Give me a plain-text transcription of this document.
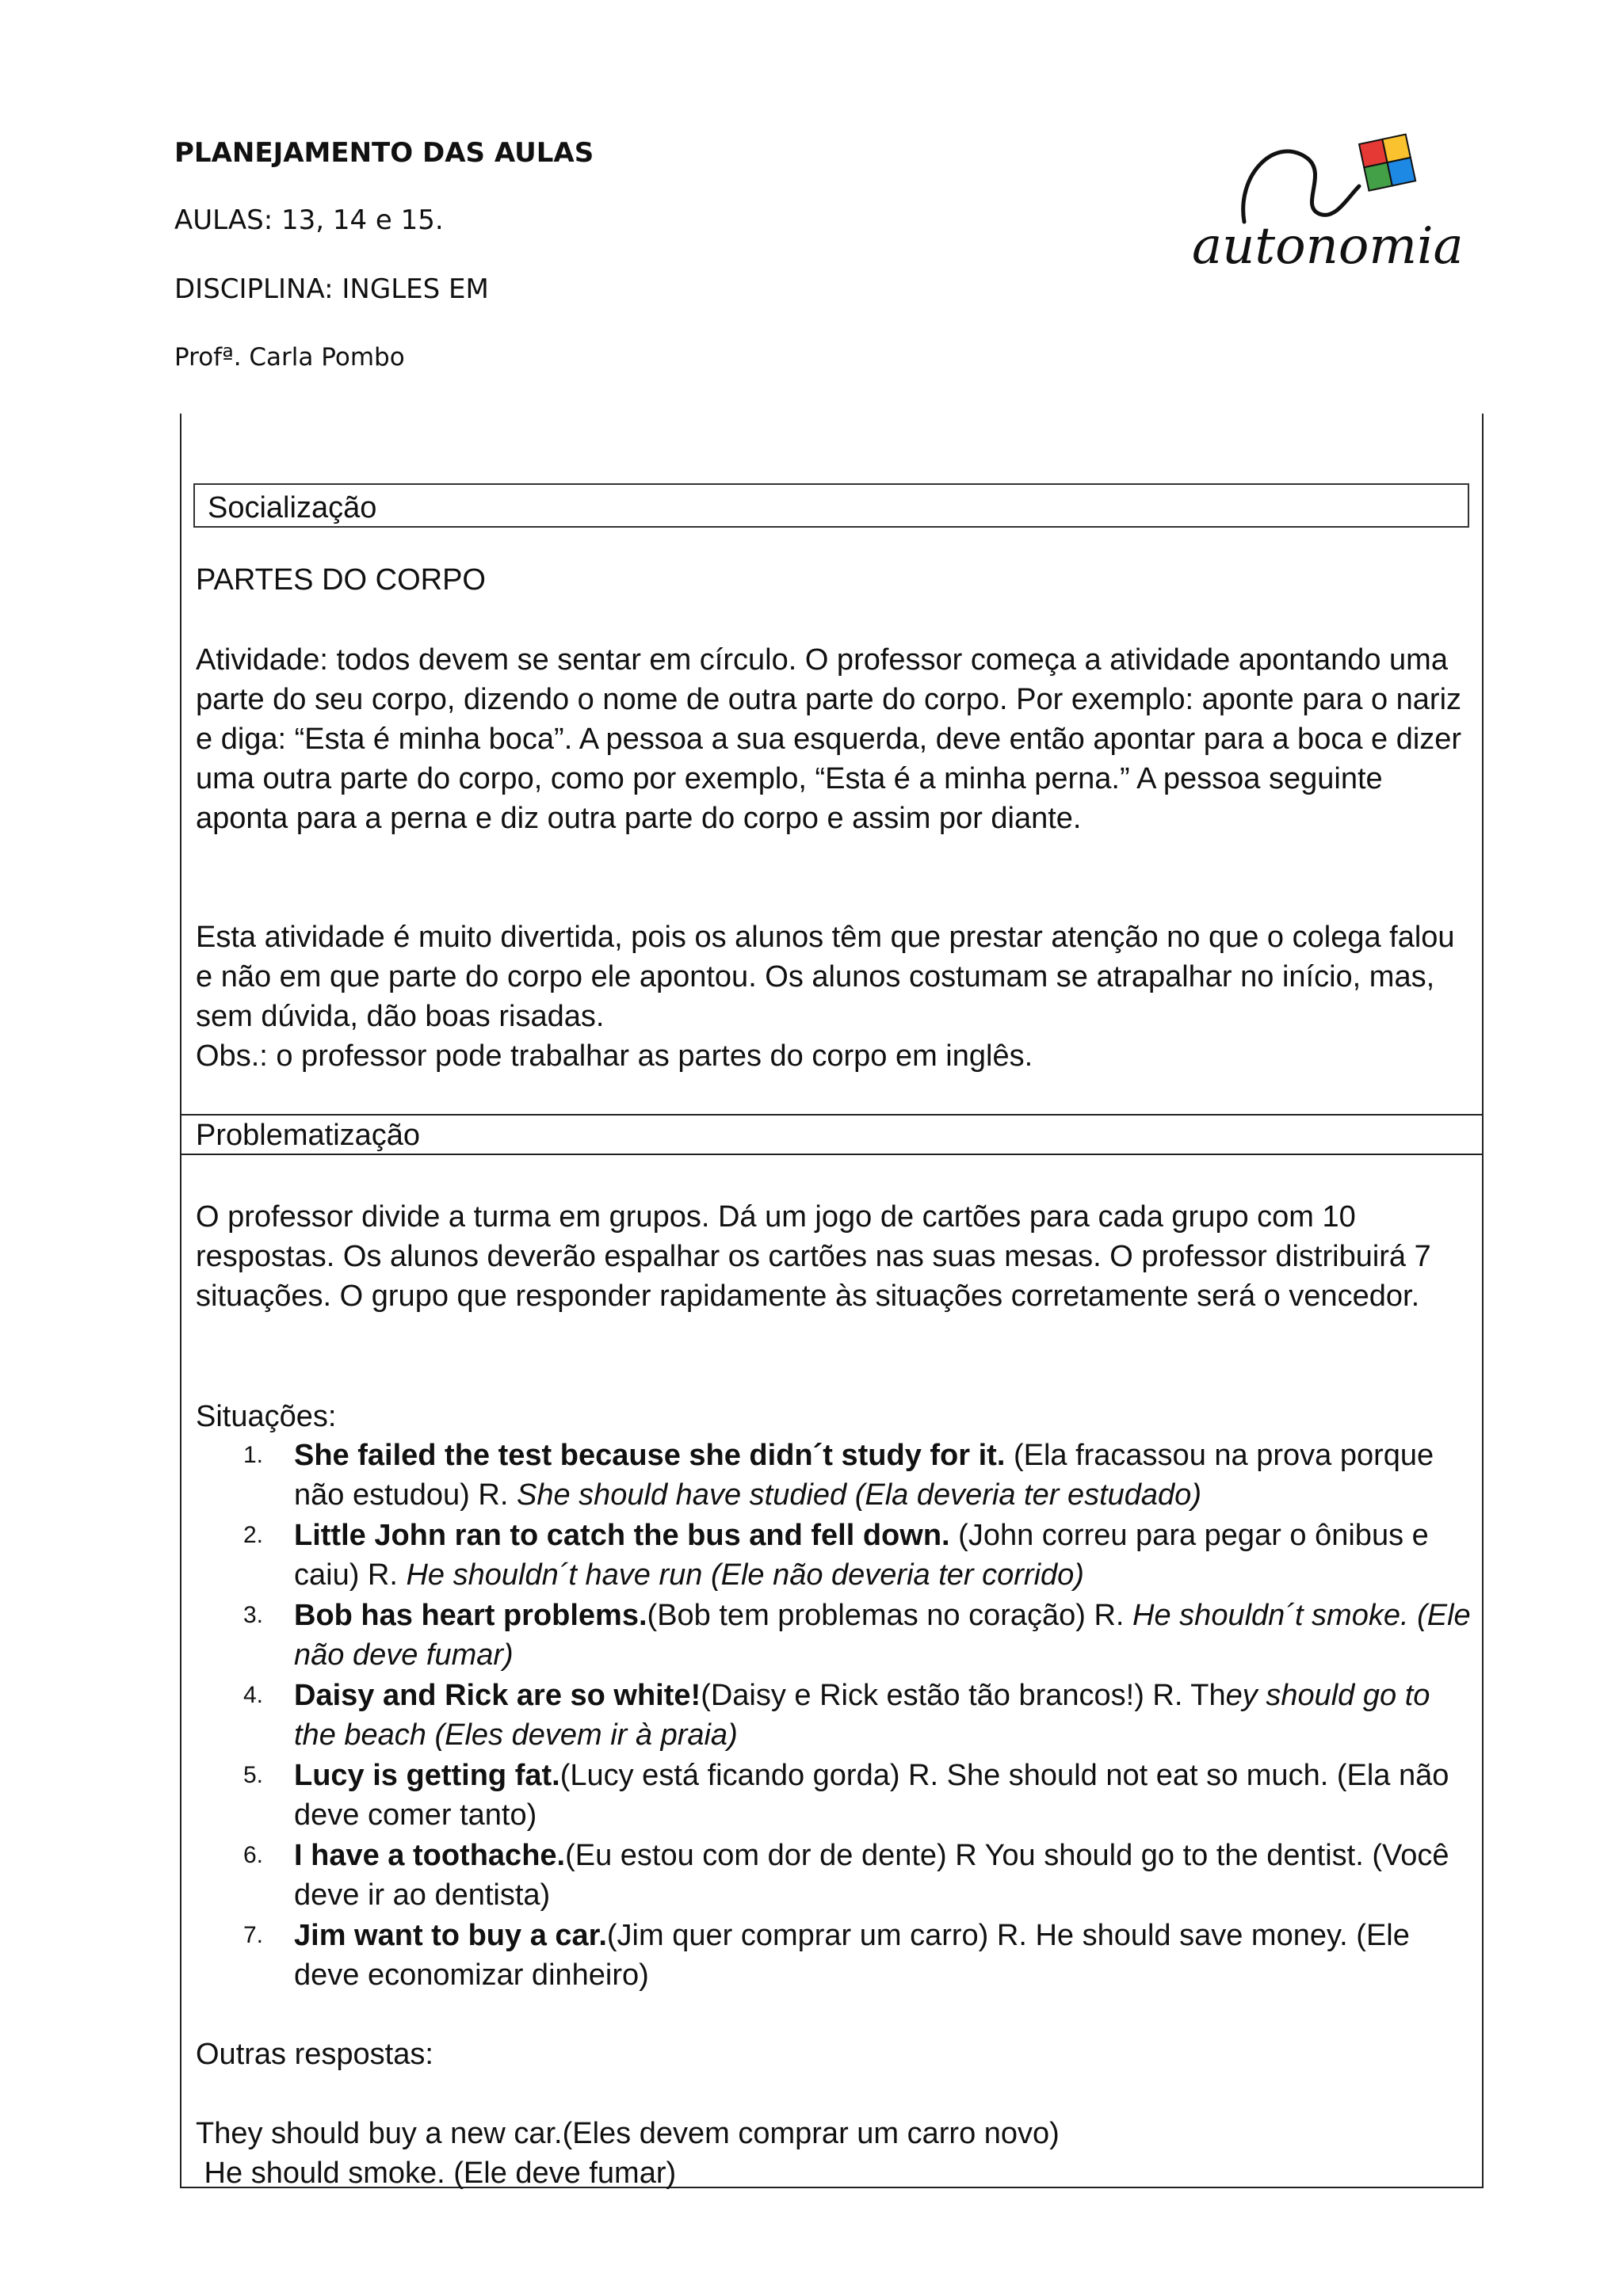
PLANEJAMENTO DAS AULAS
AULAS: 13, 14 e 15.
DISCIPLINA: INGLES EM
Profª. Carla Pombo
autonomia
Socialização
PARTES DO CORPO
Atividade: todos devem se sentar em círculo. O professor começa a atividade apontando uma parte do seu corpo, dizendo o nome de outra parte do corpo. Por exemplo: aponte para o nariz e diga: “Esta é minha boca”. A pessoa a sua esquerda, deve então apontar para a boca e dizer uma outra parte do corpo, como por exemplo, “Esta é a minha perna.” A pessoa seguinte aponta para a perna e diz outra parte do corpo e assim por diante.
Esta atividade é muito divertida, pois os alunos têm que prestar atenção no que o colega falou e não em que parte do corpo ele apontou. Os alunos costumam se atrapalhar no início, mas, sem dúvida, dão boas risadas.
Obs.: o professor pode trabalhar as partes do corpo em inglês.
Problematização
O professor divide a turma em grupos. Dá um jogo de cartões para cada grupo com 10 respostas. Os alunos deverão espalhar os cartões nas suas mesas. O professor distribuirá 7 situações. O grupo que responder rapidamente às situações corretamente será o vencedor.
Situações:
1. She failed the test because she didn´t study for it. (Ela fracassou na prova porque não estudou) R. She should have studied (Ela deveria ter estudado)
2. Little John ran to catch the bus and fell down. (John correu para pegar o ônibus e caiu) R. He shouldn´t have run (Ele não deveria ter corrido)
3. Bob has heart problems.(Bob tem problemas no coração) R. He shouldn´t smoke. (Ele não deve fumar)
4. Daisy and Rick are so white!(Daisy e Rick estão tão brancos!) R. They should go to the beach (Eles devem ir à praia)
5. Lucy is getting fat.(Lucy está ficando gorda) R. She should not eat so much. (Ela não deve comer tanto)
6. I have a toothache.(Eu estou com dor de dente) R You should go to the dentist. (Você deve ir ao dentista)
7. Jim want to buy a car.(Jim quer comprar um carro) R. He should save money. (Ele deve economizar dinheiro)
Outras respostas:
They should buy a new car.(Eles devem comprar um carro novo)
He should smoke. (Ele deve fumar)
